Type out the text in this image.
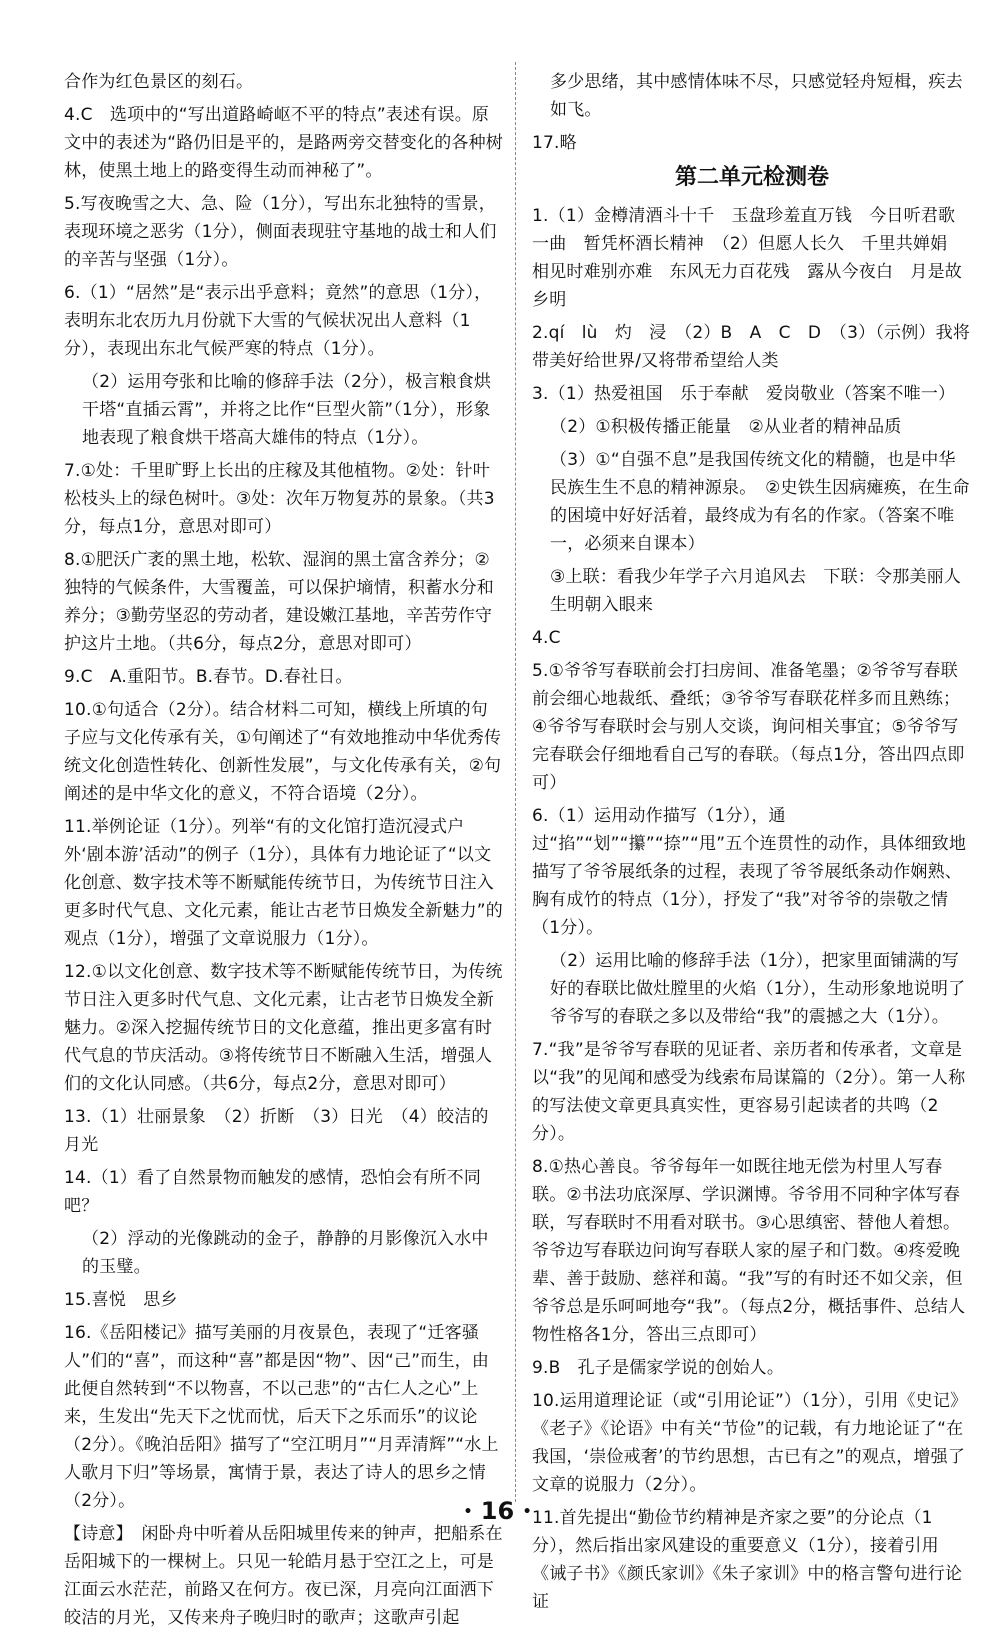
合作为红色景区的刻石。

4.C　选项中的“写出道路崎岖不平的特点”表述有误。原文中的表述为“路仍旧是平的，是路两旁交替变化的各种树林，使黑土地上的路变得生动而神秘了”。

5.写夜晚雪之大、急、险（1分），写出东北独特的雪景，表现环境之恶劣（1分），侧面表现驻守基地的战士和人们的辛苦与坚强（1分）。

6.（1）“居然”是“表示出乎意料；竟然”的意思（1分），表明东北农历九月份就下大雪的气候状况出人意料（1分），表现出东北气候严寒的特点（1分）。

（2）运用夸张和比喻的修辞手法（2分），极言粮食烘干塔“直插云霄”，并将之比作“巨型火箭”（1分），形象地表现了粮食烘干塔高大雄伟的特点（1分）。

7.①处：千里旷野上长出的庄稼及其他植物。②处：针叶松枝头上的绿色树叶。③处：次年万物复苏的景象。（共3分，每点1分，意思对即可）

8.①肥沃广袤的黑土地，松软、湿润的黑土富含养分；②独特的气候条件，大雪覆盖，可以保护墒情，积蓄水分和养分；③勤劳坚忍的劳动者，建设嫩江基地，辛苦劳作守护这片土地。（共6分，每点2分，意思对即可）

9.C　A.重阳节。B.春节。D.春社日。

10.①句适合（2分）。结合材料二可知，横线上所填的句子应与文化传承有关，①句阐述了“有效地推动中华优秀传统文化创造性转化、创新性发展”，与文化传承有关，②句阐述的是中华文化的意义，不符合语境（2分）。

11.举例论证（1分）。列举“有的文化馆打造沉浸式户外‘剧本游’活动”的例子（1分），具体有力地论证了“以文化创意、数字技术等不断赋能传统节日，为传统节日注入更多时代气息、文化元素，能让古老节日焕发全新魅力”的观点（1分），增强了文章说服力（1分）。

12.①以文化创意、数字技术等不断赋能传统节日，为传统节日注入更多时代气息、文化元素，让古老节日焕发全新魅力。②深入挖掘传统节日的文化意蕴，推出更多富有时代气息的节庆活动。③将传统节日不断融入生活，增强人们的文化认同感。（共6分，每点2分，意思对即可）

13.（1）壮丽景象　（2）折断　（3）日光　（4）皎洁的月光

14.（1）看了自然景物而触发的感情，恐怕会有所不同吧？

（2）浮动的光像跳动的金子，静静的月影像沉入水中的玉璧。

15.喜悦　思乡

16.《岳阳楼记》描写美丽的月夜景色，表现了“迁客骚人”们的“喜”，而这种“喜”都是因“物”、因“己”而生，由此便自然转到“不以物喜，不以己悲”的“古仁人之心”上来，生发出“先天下之忧而忧，后天下之乐而乐”的议论（2分）。《晚泊岳阳》描写了“空江明月”“月弄清辉”“水上人歌月下归”等场景，寓情于景，表达了诗人的思乡之情（2分）。

【诗意】　闲卧舟中听着从岳阳城里传来的钟声，把船系在岳阳城下的一棵树上。只见一轮皓月悬于空江之上，可是江面云水茫茫，前路又在何方。夜已深，月亮向江面洒下皎洁的月光，又传来舟子晚归时的歌声；这歌声引起

多少思绪，其中感情体味不尽，只感觉轻舟短楫，疾去如飞。

17.略

第二单元检测卷

1.（1）金樽清酒斗十千　玉盘珍羞直万钱　今日听君歌一曲　暂凭杯酒长精神　（2）但愿人长久　千里共婵娟　相见时难别亦难　东风无力百花残　露从今夜白　月是故乡明

2.qí　lù　灼　浸　（2）B　A　C　D　（3）（示例）我将带美好给世界/又将带希望给人类

3.（1）热爱祖国　乐于奉献　爱岗敬业（答案不唯一）

（2）①积极传播正能量　②从业者的精神品质

（3）①“自强不息”是我国传统文化的精髓，也是中华民族生生不息的精神源泉。　②史铁生因病瘫痪，在生命的困境中好好活着，最终成为有名的作家。（答案不唯一，必须来自课本）

③上联：看我少年学子六月追风去　下联：令那美丽人生明朝入眼来

4.C

5.①爷爷写春联前会打扫房间、准备笔墨；②爷爷写春联前会细心地裁纸、叠纸；③爷爷写春联花样多而且熟练；④爷爷写春联时会与别人交谈，询问相关事宜；⑤爷爷写完春联会仔细地看自己写的春联。（每点1分，答出四点即可）

6.（1）运用动作描写（1分），通过“掐”“划”“攥”“捺”“甩”五个连贯性的动作，具体细致地描写了爷爷展纸条的过程，表现了爷爷展纸条动作娴熟、胸有成竹的特点（1分），抒发了“我”对爷爷的崇敬之情（1分）。

（2）运用比喻的修辞手法（1分），把家里面铺满的写好的春联比做灶膛里的火焰（1分），生动形象地说明了爷爷写的春联之多以及带给“我”的震撼之大（1分）。

7.“我”是爷爷写春联的见证者、亲历者和传承者，文章是以“我”的见闻和感受为线索布局谋篇的（2分）。第一人称的写法使文章更具真实性，更容易引起读者的共鸣（2分）。

8.①热心善良。爷爷每年一如既往地无偿为村里人写春联。②书法功底深厚、学识渊博。爷爷用不同种字体写春联，写春联时不用看对联书。③心思缜密、替他人着想。爷爷边写春联边问询写春联人家的屋子和门数。④疼爱晚辈、善于鼓励、慈祥和蔼。“我”写的有时还不如父亲，但爷爷总是乐呵呵地夸“我”。（每点2分，概括事件、总结人物性格各1分，答出三点即可）

9.B　孔子是儒家学说的创始人。

10.运用道理论证（或“引用论证”）（1分），引用《史记》《老子》《论语》中有关“节俭”的记载，有力地论证了“在我国，‘崇俭戒奢’的节约思想，古已有之”的观点，增强了文章的说服力（2分）。

11.首先提出“勤俭节约精神是齐家之要”的分论点（1分），然后指出家风建设的重要意义（1分），接着引用《诫子书》《颜氏家训》《朱子家训》中的格言警句进行论证

• 16 •
